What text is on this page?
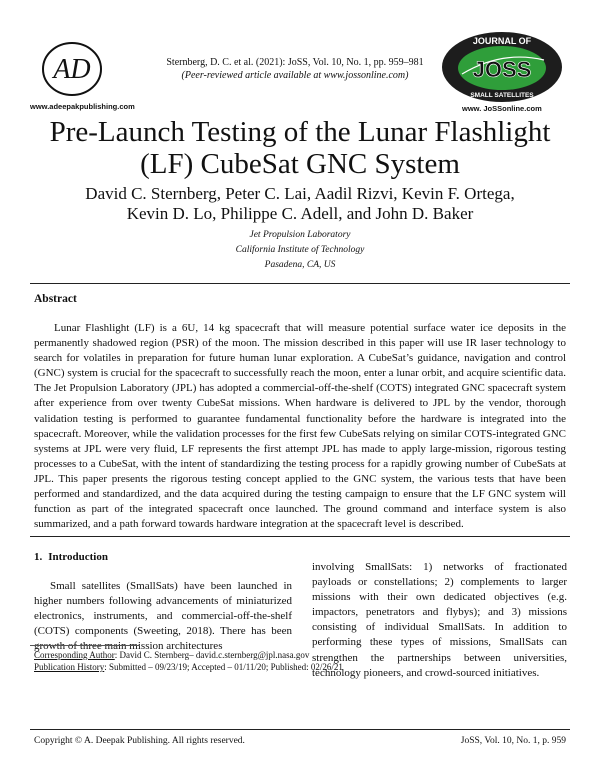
AD
www.adeepakpublishing.com
Sternberg, D. C. et al. (2021): JoSS, Vol. 10, No. 1, pp. 959–981
(Peer-reviewed article available at www.jossonline.com)
JOURNAL OF
JOSS
SMALL SATELLITES
www. JoSSonline.com
Pre-Launch Testing of the Lunar Flashlight
(LF) CubeSat GNC System
David C. Sternberg, Peter C. Lai, Aadil Rizvi, Kevin F. Ortega,
Kevin D. Lo, Philippe C. Adell, and John D. Baker
Jet Propulsion Laboratory
California Institute of Technology
Pasadena, CA, US
Abstract

Lunar Flashlight (LF) is a 6U, 14 kg spacecraft that will measure potential surface water ice deposits in the permanently shadowed region (PSR) of the moon. The mission described in this paper will use IR laser technology to search for volatiles in preparation for future human lunar exploration. A CubeSat’s guidance, navigation and control (GNC) system is crucial for the spacecraft to successfully reach the moon, enter a lunar orbit, and acquire scientific data. The Jet Propulsion Laboratory (JPL) has adopted a commercial-off-the-shelf (COTS) integrated GNC spacecraft system after experience from over twenty CubeSat missions. When hardware is delivered to JPL by the vendor, thorough validation testing is performed to guarantee fundamental functionality before the hardware is integrated into the spacecraft. Moreover, while the validation processes for the first few CubeSats relying on similar COTS-integrated GNC systems at JPL were very fluid, LF represents the first attempt JPL has made to apply large-mission, rigorous testing processes to a CubeSat, with the intent of standardizing the testing process for a rapidly growing number of CubeSats at JPL. This paper presents the rigorous testing concept applied to the GNC system, the various tests that have been performed and standardized, and the data acquired during the testing campaign to ensure that the LF GNC system will function as part of the integrated spacecraft once launched. The ground command and interface system is also summarized, and a path forward towards hardware integration at the spacecraft level is described.

1. Introduction

Small satellites (SmallSats) have been launched in higher numbers following advancements of miniaturized electronics, instruments, and commercial-off-the-shelf (COTS) components (Sweeting, 2018). There has been growth of three main mission architectures

involving SmallSats: 1) networks of fractionated payloads or constellations; 2) complements to larger missions with their own dedicated objectives (e.g. impactors, penetrators and flybys); and 3) missions consisting of individual SmallSats. In addition to performing these types of missions, SmallSats can strengthen the partnerships between universities, technology pioneers, and crowd-sourced initiatives.

Corresponding Author: David C. Sternberg– david.c.sternberg@jpl.nasa.gov
Publication History: Submitted – 09/23/19; Accepted – 01/11/20; Published: 02/26/21
Copyright © A. Deepak Publishing. All rights reserved.	JoSS, Vol. 10, No. 1, p. 959
